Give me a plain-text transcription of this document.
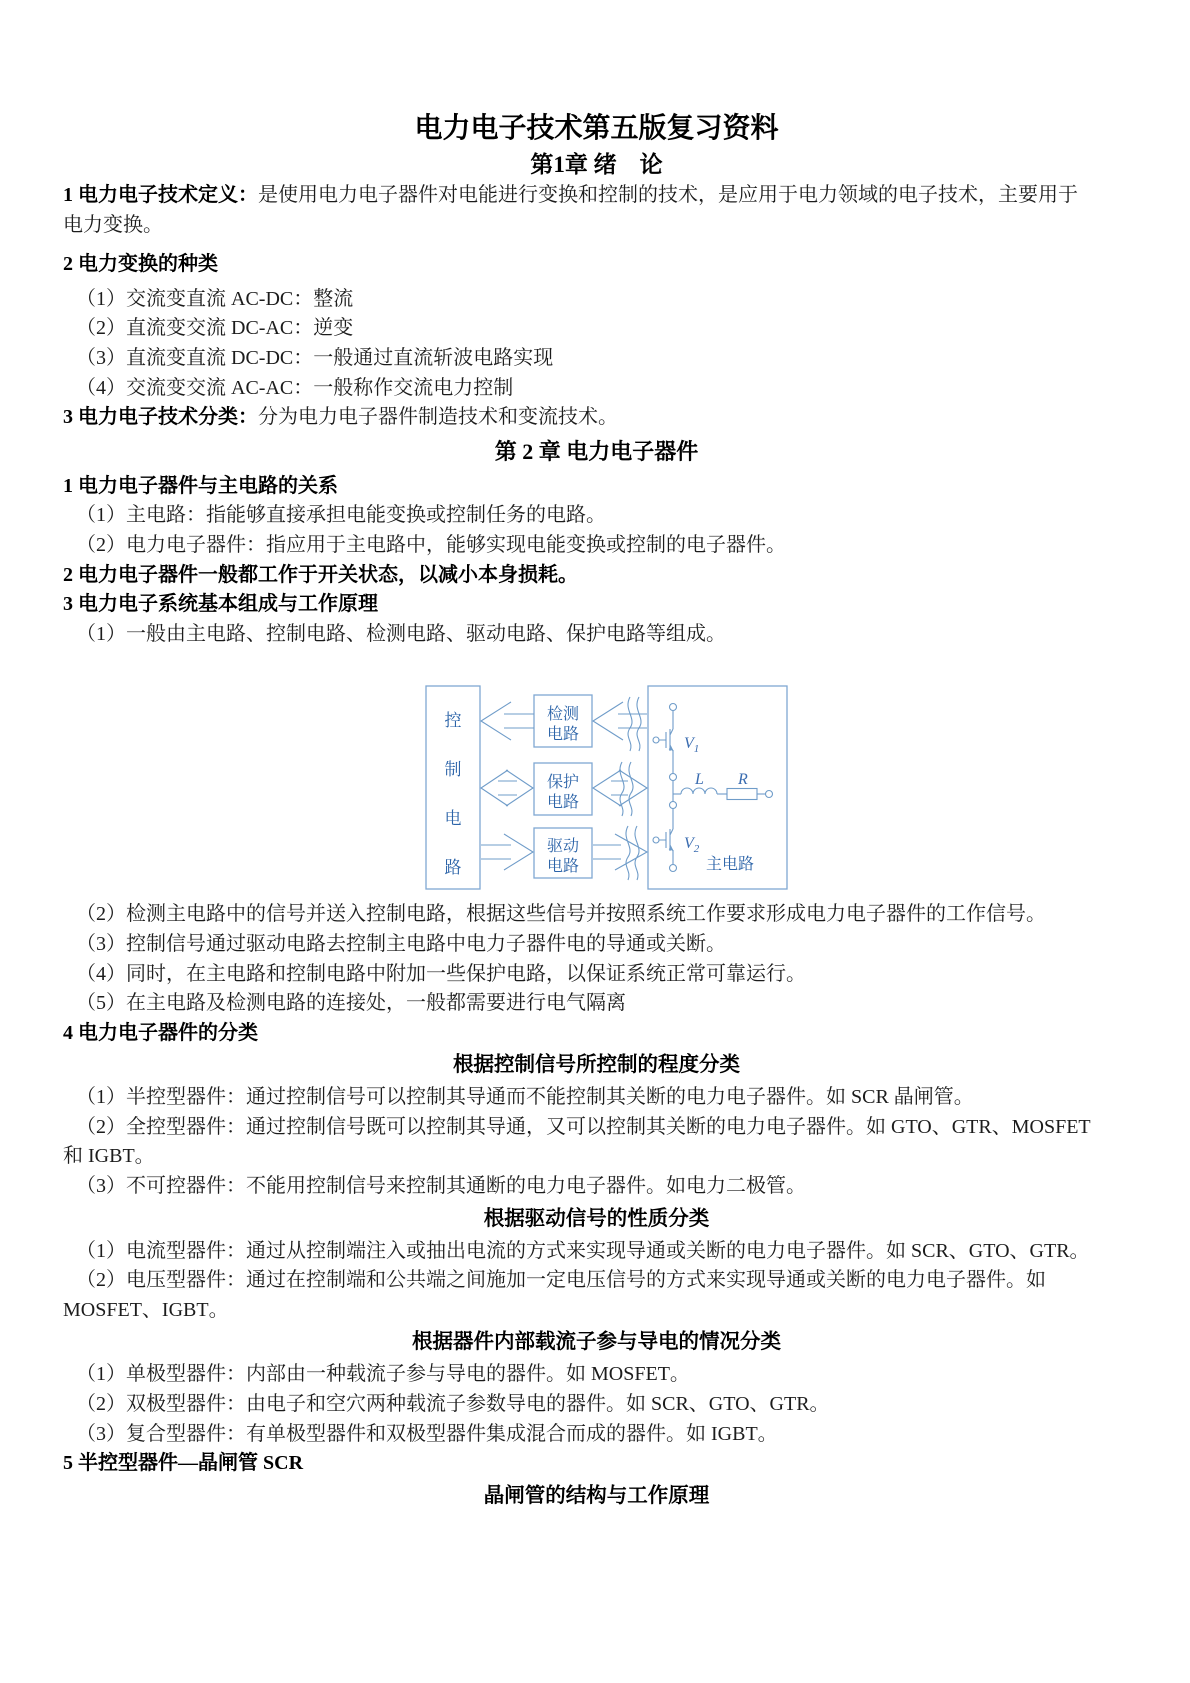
电力电子技术第五版复习资料
第1章 绪　论
1 电力电子技术定义：是使用电力电子器件对电能进行变换和控制的技术，是应用于电力领域的电子技术，主要用于
电力变换。
2 电力变换的种类
（1）交流变直流 AC-DC：整流
（2）直流变交流 DC-AC：逆变
（3）直流变直流 DC-DC：一般通过直流斩波电路实现
（4）交流变交流 AC-AC：一般称作交流电力控制
3 电力电子技术分类：分为电力电子器件制造技术和变流技术。
第 2 章 电力电子器件
1 电力电子器件与主电路的关系
（1）主电路：指能够直接承担电能变换或控制任务的电路。
（2）电力电子器件：指应用于主电路中，能够实现电能变换或控制的电子器件。
2 电力电子器件一般都工作于开关状态，以减小本身损耗。
3 电力电子系统基本组成与工作原理
（1）一般由主电路、控制电路、检测电路、驱动电路、保护电路等组成。
控
制
电
路
检测
电路
保护
电路
驱动
电路
$V_1$
$V_2$
L R
主电路
（2）检测主电路中的信号并送入控制电路，根据这些信号并按照系统工作要求形成电力电子器件的工作信号。
（3）控制信号通过驱动电路去控制主电路中电力子器件电的导通或关断。
（4）同时，在主电路和控制电路中附加一些保护电路，以保证系统正常可靠运行。
（5）在主电路及检测电路的连接处，一般都需要进行电气隔离
4 电力电子器件的分类
根据控制信号所控制的程度分类
（1）半控型器件：通过控制信号可以控制其导通而不能控制其关断的电力电子器件。如 SCR 晶闸管。
（2）全控型器件：通过控制信号既可以控制其导通，又可以控制其关断的电力电子器件。如 GTO、GTR、MOSFET
和 IGBT。
（3）不可控器件：不能用控制信号来控制其通断的电力电子器件。如电力二极管。
根据驱动信号的性质分类
（1）电流型器件：通过从控制端注入或抽出电流的方式来实现导通或关断的电力电子器件。如 SCR、GTO、GTR。
（2）电压型器件：通过在控制端和公共端之间施加一定电压信号的方式来实现导通或关断的电力电子器件。如
MOSFET、IGBT。
根据器件内部载流子参与导电的情况分类
（1）单极型器件：内部由一种载流子参与导电的器件。如 MOSFET。
（2）双极型器件：由电子和空穴两种载流子参数导电的器件。如 SCR、GTO、GTR。
（3）复合型器件：有单极型器件和双极型器件集成混合而成的器件。如 IGBT。
5 半控型器件—晶闸管 SCR
晶闸管的结构与工作原理
